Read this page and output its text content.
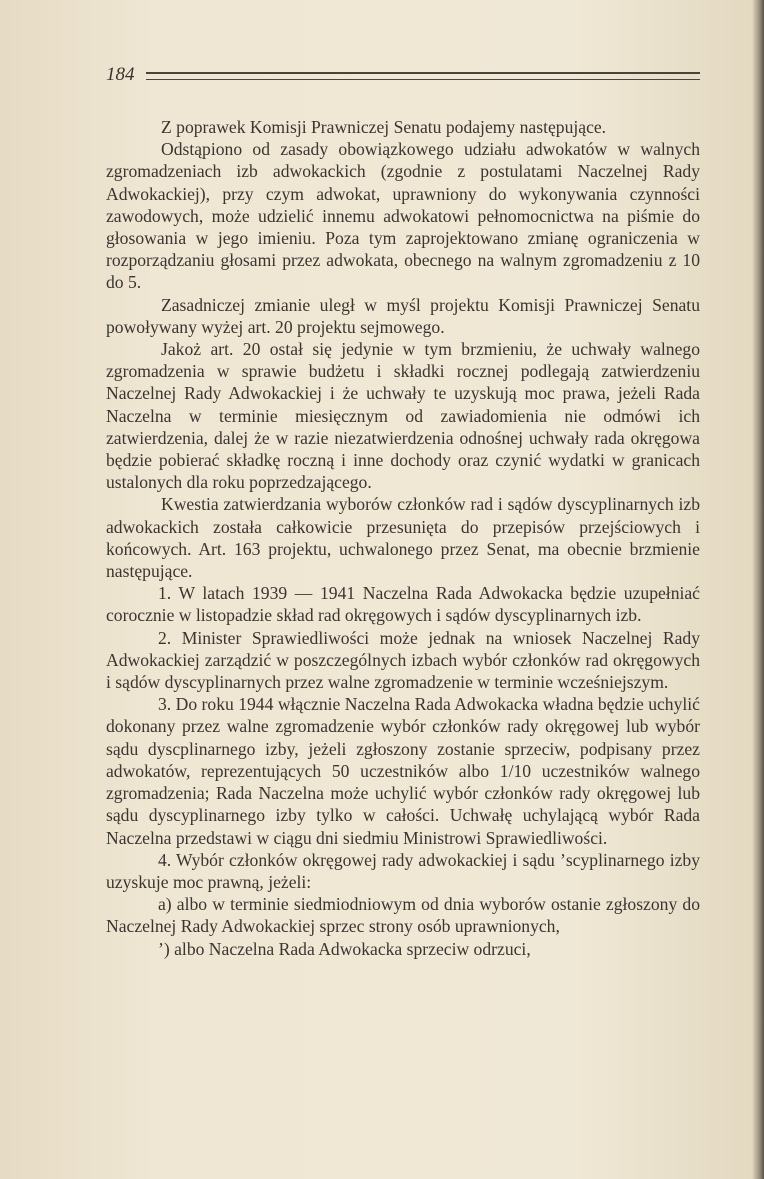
184

Z poprawek Komisji Prawniczej Senatu podajemy następujące.

Odstąpiono od zasady obowiązkowego udziału adwokatów w walnych zgromadzeniach izb adwokackich (zgodnie z postulatami Naczelnej Rady Adwokackiej), przy czym adwokat, uprawniony do wykonywania czynności zawodowych, może udzielić innemu adwokatowi pełnomocnictwa na piśmie do głosowania w jego imieniu. Poza tym zaprojektowano zmianę ograniczenia w rozporządzaniu głosami przez adwokata, obecnego na walnym zgromadzeniu z 10 do 5.

Zasadniczej zmianie uległ w myśl projektu Komisji Prawniczej Senatu powoływany wyżej art. 20 projektu sejmowego.

Jakoż art. 20 ostał się jedynie w tym brzmieniu, że uchwały walnego zgromadzenia w sprawie budżetu i składki rocznej podlegają zatwierdzeniu Naczelnej Rady Adwokackiej i że uchwały te uzyskują moc prawa, jeżeli Rada Naczelna w terminie miesięcznym od zawiadomienia nie odmówi ich zatwierdzenia, dalej że w razie niezatwierdzenia odnośnej uchwały rada okręgowa będzie pobierać składkę roczną i inne dochody oraz czynić wydatki w granicach ustalonych dla roku poprzedzającego.

Kwestia zatwierdzania wyborów członków rad i sądów dyscyplinarnych izb adwokackich została całkowicie przesunięta do przepisów przejściowych i końcowych. Art. 163 projektu, uchwalonego przez Senat, ma obecnie brzmienie następujące.

1. W latach 1939 — 1941 Naczelna Rada Adwokacka będzie uzupełniać corocznie w listopadzie skład rad okręgowych i sądów dyscyplinarnych izb.

2. Minister Sprawiedliwości może jednak na wniosek Naczelnej Rady Adwokackiej zarządzić w poszczególnych izbach wybór członków rad okręgowych i sądów dyscyplinarnych przez walne zgromadzenie w terminie wcześniejszym.

3. Do roku 1944 włącznie Naczelna Rada Adwokacka władna będzie uchylić dokonany przez walne zgromadzenie wybór członków rady okręgowej lub wybór sądu dyscplinarnego izby, jeżeli zgłoszony zostanie sprzeciw, podpisany przez adwokatów, reprezentujących 50 uczestników albo 1/10 uczestników walnego zgromadzenia; Rada Naczelna może uchylić wybór członków rady okręgowej lub sądu dyscyplinarnego izby tylko w całości. Uchwałę uchylającą wybór Rada Naczelna przedstawi w ciągu dni siedmiu Ministrowi Sprawiedliwości.

4. Wybór członków okręgowej rady adwokackiej i sądu ʼscyplinarnego izby uzyskuje moc prawną, jeżeli:

a) albo w terminie siedmiodniowym od dnia wyborów ostanie zgłoszony do Naczelnej Rady Adwokackiej sprzec strony osób uprawnionych,

ʼ) albo Naczelna Rada Adwokacka sprzeciw odrzuci,
